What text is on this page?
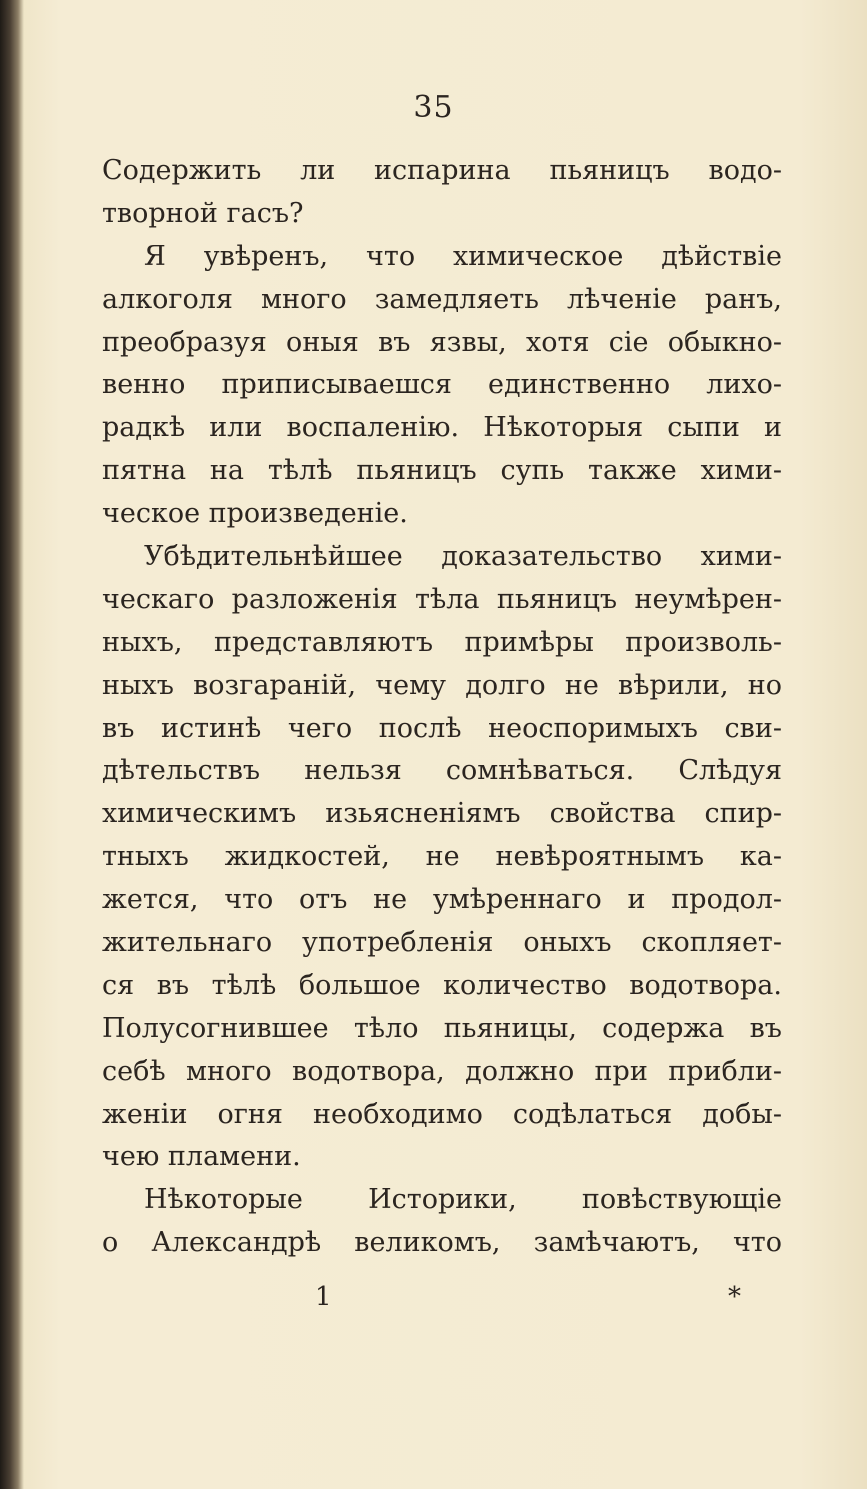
35
Содержить ли испарина пьяницъ водо-
творной гасъ?
Я увѣренъ, что химическое дѣйствіе
алкоголя много замедляеть лѣченіе ранъ,
преобразуя оныя въ язвы, хотя сіе обыкно-
венно приписываешся единственно лихо-
радкѣ или воспаленію. Нѣкоторыя сыпи и
пятна на тѣлѣ пьяницъ супь также хими-
ческое произведеніе.
Убѣдительнѣйшее доказательство хими-
ческаго разложенія тѣла пьяницъ неумѣрен-
ныхъ, представляютъ примѣры произволь-
ныхъ возгараній, чему долго не вѣрили, но
въ истинѣ чего послѣ неоспоримыхъ сви-
дѣтельствъ нельзя сомнѣваться. Слѣдуя
химическимъ изьясненіямъ свойства спир-
тныхъ жидкостей, не невѣроятнымъ ка-
жется, что отъ не умѣреннаго и продол-
жительнаго употребленія оныхъ скопляет-
ся въ тѣлѣ большое количество водотвора.
Полусогнившее тѣло пьяницы, содержа въ
себѣ много водотвора, должно при прибли-
женіи огня необходимо содѣлаться добы-
чею пламени.
Нѣкоторые Историки, повѣствующіе
о Александрѣ великомъ, замѣчаютъ, что
1	*
